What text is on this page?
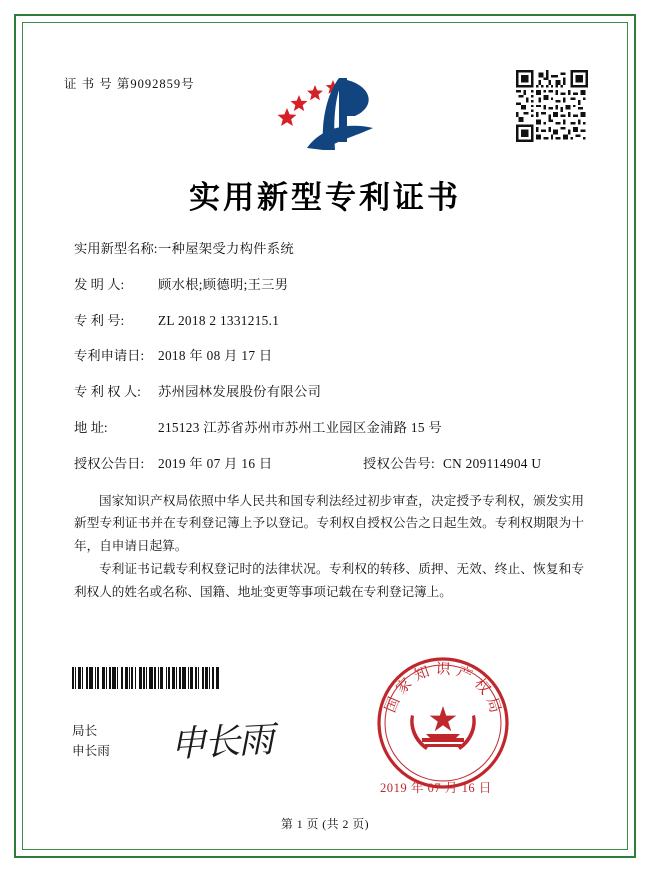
证 书 号 第9092859号
实用新型专利证书
实用新型名称: 一种屋架受力构件系统
发 明 人:	顾水根;顾德明;王三男
专 利 号:	ZL 2018 2 1331215.1
专利申请日:	2018 年 08 月 17 日
专 利 权 人:	苏州园林发展股份有限公司
地 址:	215123 江苏省苏州市苏州工业园区金浦路 15 号
授权公告日:	2019 年 07 月 16 日	授权公告号: CN 209114904 U

国家知识产权局依照中华人民共和国专利法经过初步审查，决定授予专利权，颁发实用新型专利证书并在专利登记簿上予以登记。专利权自授权公告之日起生效。专利权期限为十年，自申请日起算。

专利证书记载专利权登记时的法律状况。专利权的转移、质押、无效、终止、恢复和专利权人的姓名或名称、国籍、地址变更等事项记载在专利登记簿上。

局长
申长雨 申长雨
国家知识产权局
2019 年 07 月 16 日
第 1 页 (共 2 页)
